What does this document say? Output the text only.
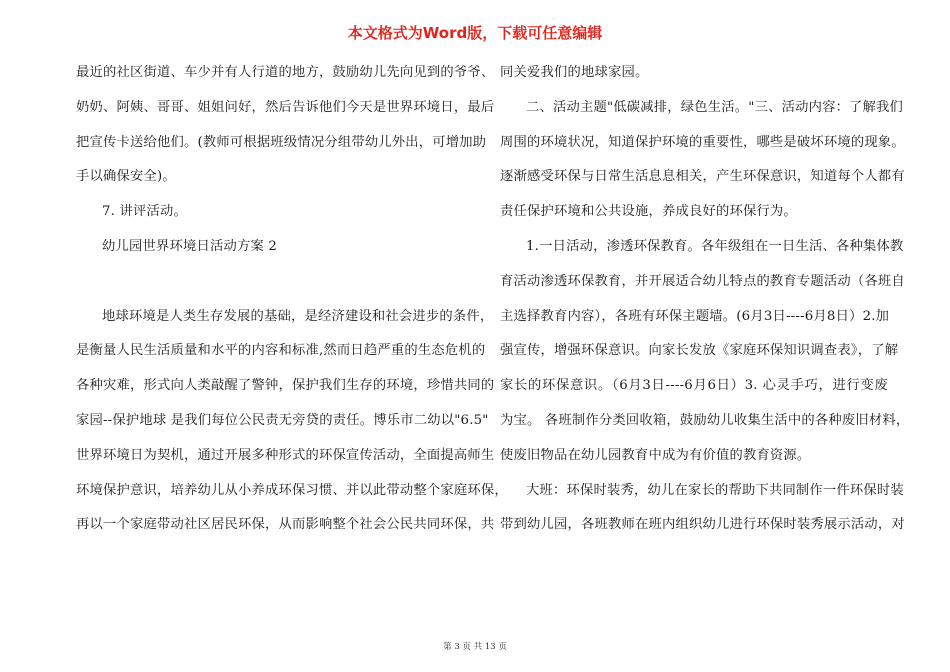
本文格式为Word版，下载可任意编辑
最近的社区街道、车少并有人行道的地方，鼓励幼儿先向见到的爷爷、
奶奶、阿姨、哥哥、姐姐问好，然后告诉他们今天是世界环境日，最后
把宣传卡送给他们。(教师可根据班级情况分组带幼儿外出，可增加助
手以确保安全)。
7. 讲评活动。
幼儿园世界环境日活动方案 2
地球环境是人类生存发展的基础，是经济建设和社会进步的条件，
是衡量人民生活质量和水平的内容和标准,然而日趋严重的生态危机的
各种灾难，形式向人类敲醒了警钟，保护我们生存的环境，珍惜共同的
家园--保护地球 是我们每位公民责无旁贷的责任。博乐市二幼以"6.5"
世界环境日为契机，通过开展多种形式的环保宣传活动，全面提高师生
环境保护意识，培养幼儿从小养成环保习惯、并以此带动整个家庭环保，
再以一个家庭带动社区居民环保，从而影响整个社会公民共同环保，共
同关爱我们的地球家园。
二、活动主题"低碳减排，绿色生活。"三、活动内容：了解我们
周围的环境状况，知道保护环境的重要性，哪些是破坏环境的现象。
逐渐感受环保与日常生活息息相关，产生环保意识，知道每个人都有
责任保护环境和公共设施，养成良好的环保行为。
1.一日活动，渗透环保教育。各年级组在一日生活、各种集体教
育活动渗透环保教育，并开展适合幼儿特点的教育专题活动（各班自
主选择教育内容），各班有环保主题墙。(6月3日----6月8日）2.加
强宣传，增强环保意识。向家长发放《家庭环保知识调查表》，了解
家长的环保意识。（6月3日----6月6日）3. 心灵手巧，进行变废
为宝。 各班制作分类回收箱，鼓励幼儿收集生活中的各种废旧材料，
使废旧物品在幼儿园教育中成为有价值的教育资源。
大班：环保时装秀，幼儿在家长的帮助下共同制作一件环保时装
带到幼儿园，各班教师在班内组织幼儿进行环保时装秀展示活动，对
第 3 页 共 13 页
